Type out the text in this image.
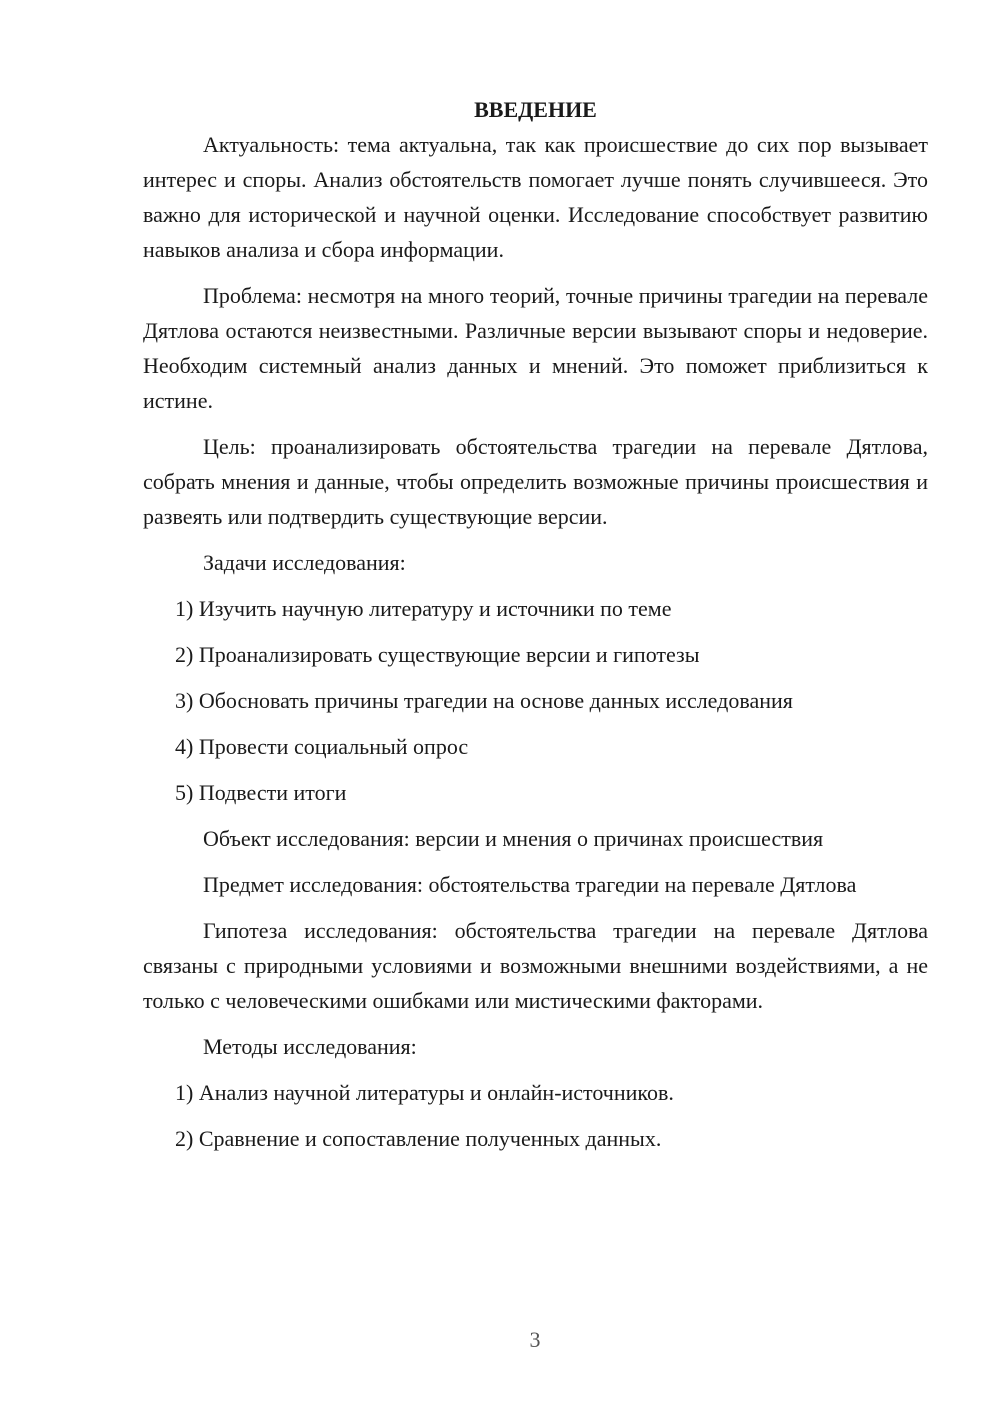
ВВЕДЕНИЕ

Актуальность: тема актуальна, так как происшествие до сих пор вызывает интерес и споры. Анализ обстоятельств помогает лучше понять случившееся. Это важно для исторической и научной оценки. Исследование способствует развитию навыков анализа и сбора информации.

Проблема: несмотря на много теорий, точные причины трагедии на перевале Дятлова остаются неизвестными. Различные версии вызывают споры и недоверие. Необходим системный анализ данных и мнений. Это поможет приблизиться к истине.

Цель: проанализировать обстоятельства трагедии на перевале Дятлова, собрать мнения и данные, чтобы определить возможные причины происшествия и развеять или подтвердить существующие версии.

Задачи исследования:

1) Изучить научную литературу и источники по теме

2) Проанализировать существующие версии и гипотезы

3) Обосновать причины трагедии на основе данных исследования

4) Провести социальный опрос

5) Подвести итоги

Объект исследования: версии и мнения о причинах происшествия

Предмет исследования: обстоятельства трагедии на перевале Дятлова

Гипотеза исследования: обстоятельства трагедии на перевале Дятлова связаны с природными условиями и возможными внешними воздействиями, а не только с человеческими ошибками или мистическими факторами.

Методы исследования:

1) Анализ научной литературы и онлайн-источников.

2) Сравнение и сопоставление полученных данных.

3
